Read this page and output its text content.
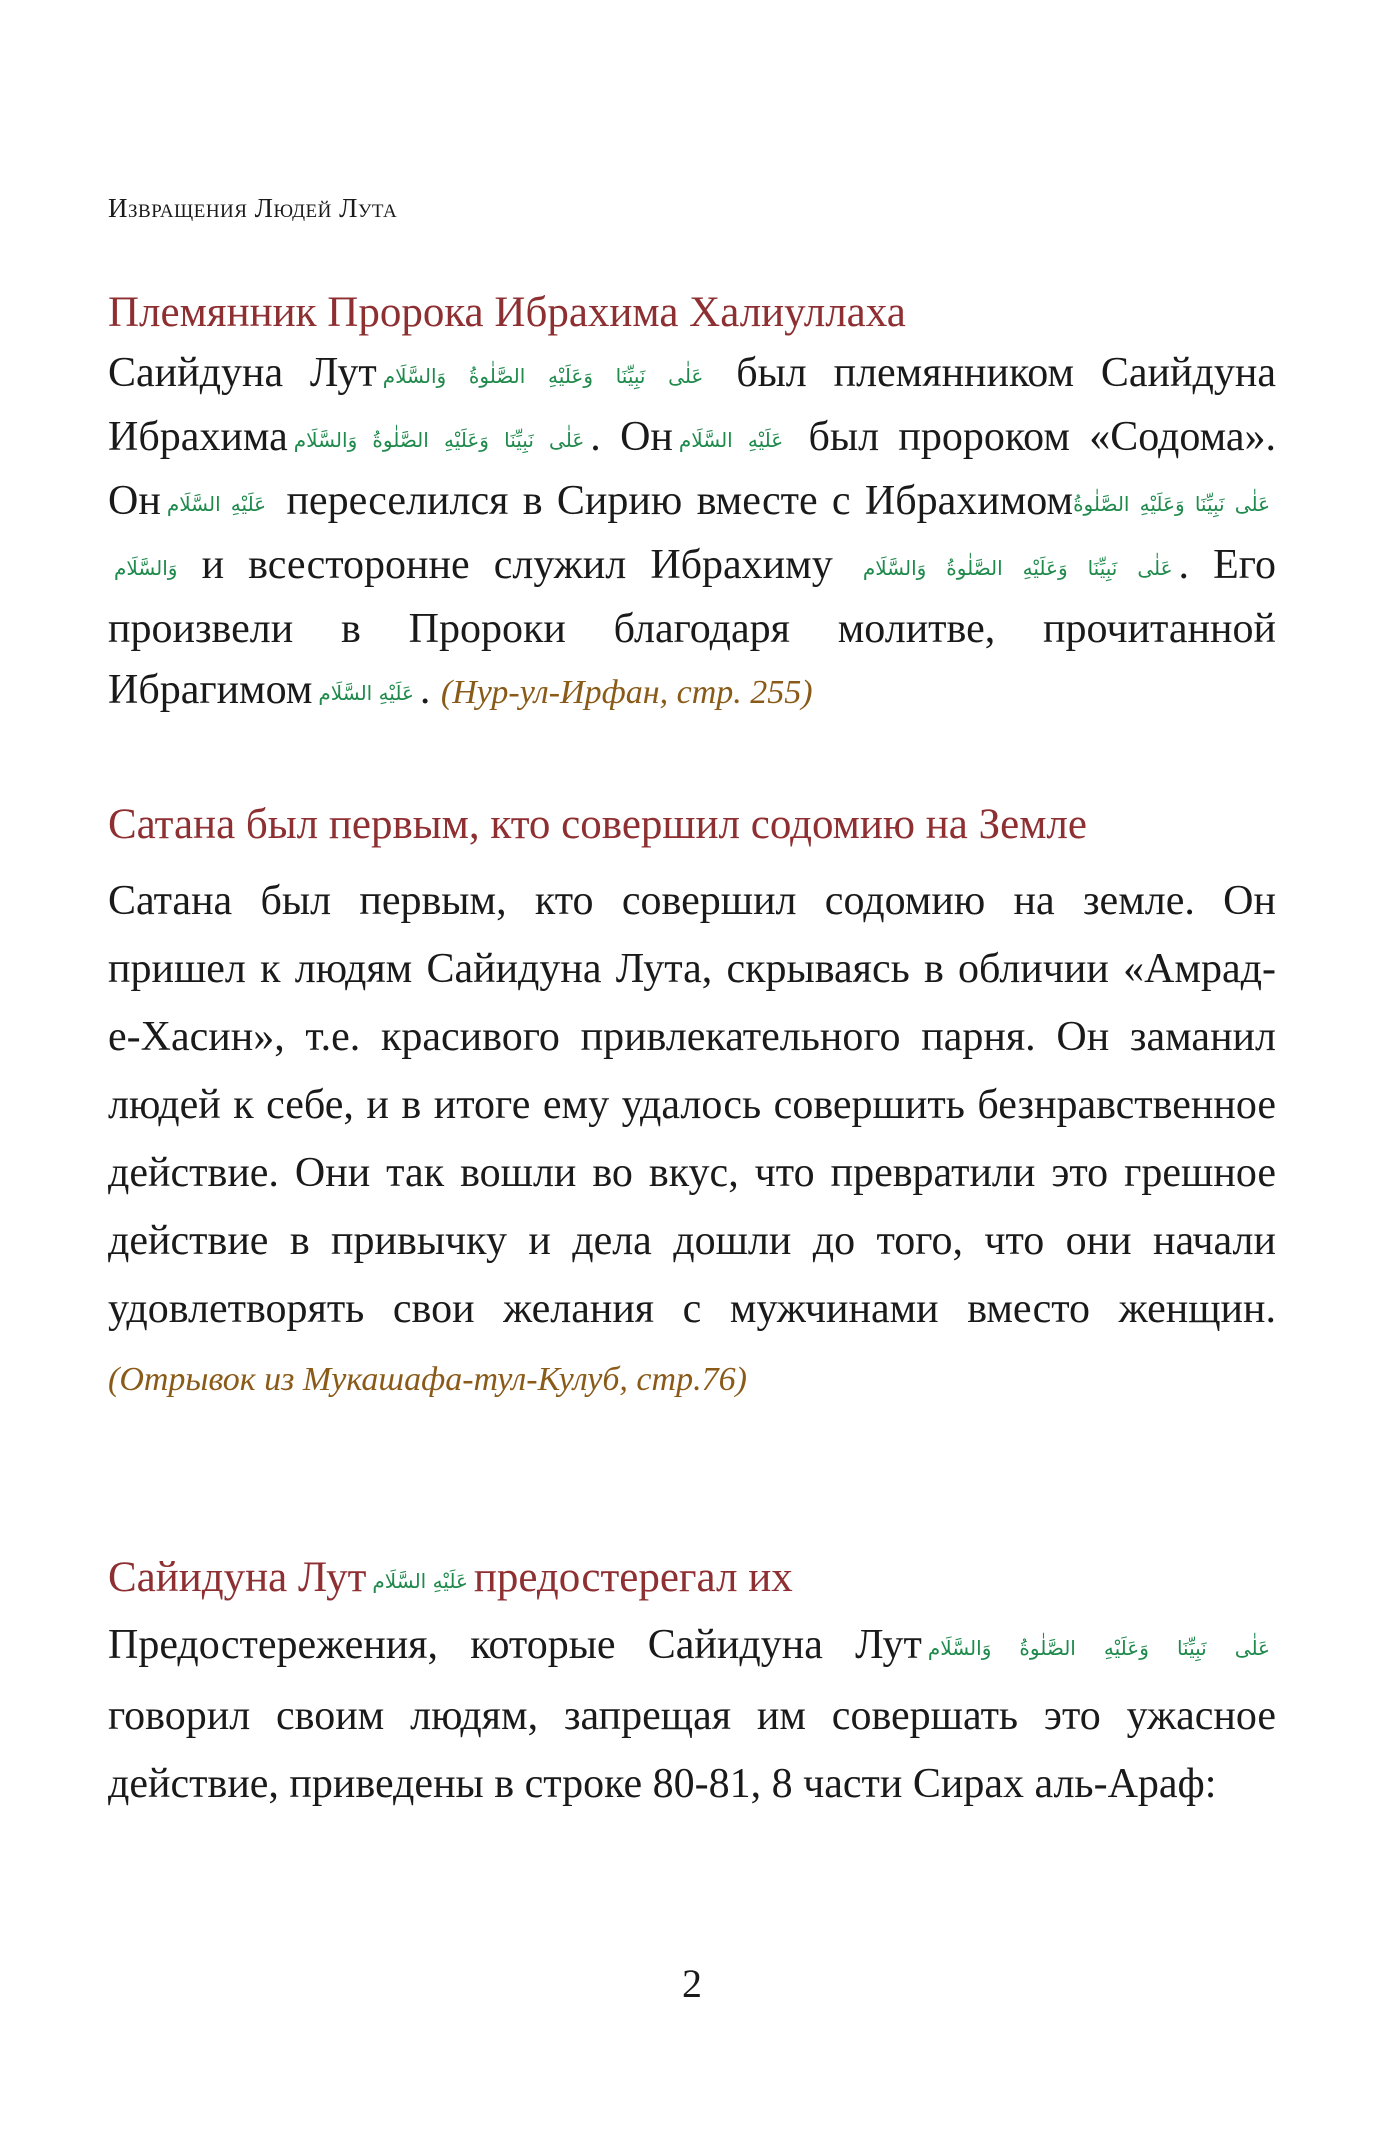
Извращения Людей Лута
Племянник Пророка Ибрахима Халиуллаха

Саийдуна Лут عَلٰى نَبِيِّنَا وَعَلَيْهِ الصَّلٰوةُ وَالسَّلَام был племянником Саийдуна Ибрахима عَلٰى نَبِيِّنَا وَعَلَيْهِ الصَّلٰوةُ وَالسَّلَام . Он عَلَيْهِ السَّلَام был пророком «Содома». Он عَلَيْهِ السَّلَام переселился в Сирию вместе с Ибрахимомعَلٰى نَبِيِّنَا وَعَلَيْهِ الصَّلٰوةُ وَالسَّلَام и всесторонне служил Ибрахиму عَلٰى نَبِيِّنَا وَعَلَيْهِ الصَّلٰوةُ وَالسَّلَام . Его произвели в Пророки благодаря молитве, прочитанной Ибрагимом عَلَيْهِ السَّلَام . (Нур-ул-Ирфан, стр. 255)

Сатана был первым, кто совершил содомию на Земле

Сатана был первым, кто совершил содомию на земле. Он пришел к людям Сайидуна Лута, скрываясь в обличии «Амрад-е-Хасин», т.е. красивого привлекательного парня. Он заманил людей к себе, и в итоге ему удалось совершить безнравственное действие. Они так вошли во вкус, что превратили это грешное действие в привычку и дела дошли до того, что они начали удовлетворять свои желания с мужчинами вместо женщин. (Отрывок из Мукашафа-тул-Кулуб, стр.76)

Сайидуна Лут عَلَيْهِ السَّلَام предостерегал их

Предостережения, которые Сайидуна Лут عَلٰى نَبِيِّنَا وَعَلَيْهِ الصَّلٰوةُ وَالسَّلَام говорил своим людям, запрещая им совершать это ужасное действие, приведены в строке 80-81, 8 части Сирах аль-Араф:

2
